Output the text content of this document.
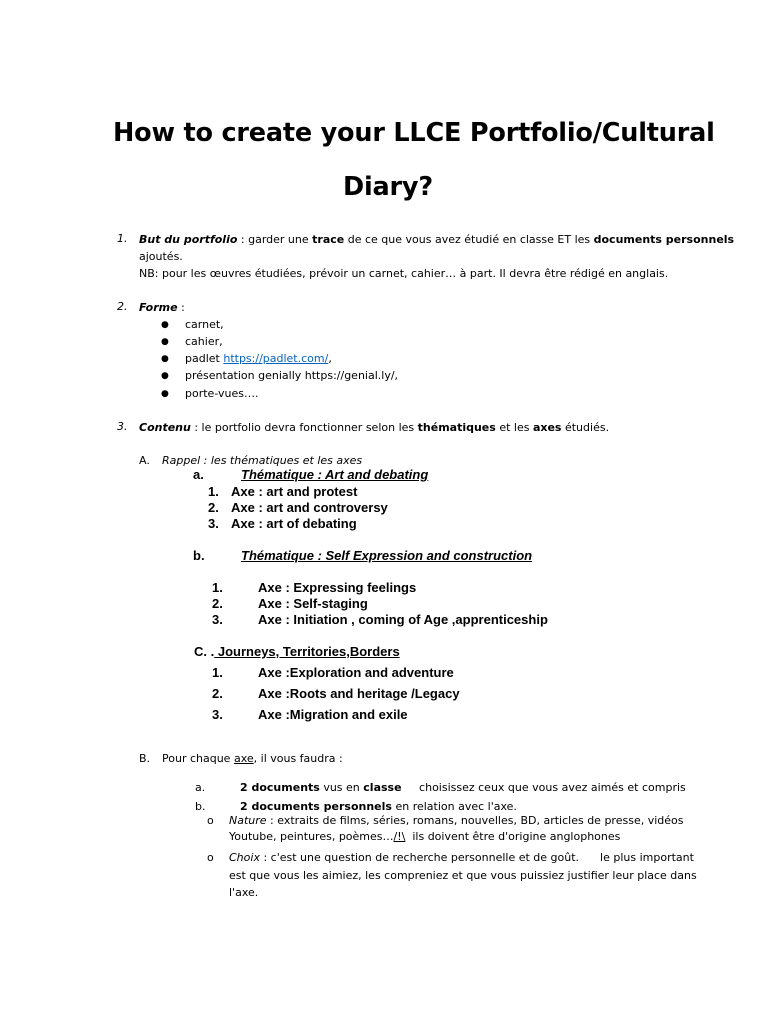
How to create your LLCE Portfolio/Cultural
Diary?
1. But du portfolio : garder une trace de ce que vous avez étudié en classe ET les documents personnels
ajoutés.
NB: pour les œuvres étudiées, prévoir un carnet, cahier… à part. Il devra être rédigé en anglais.
2. Forme :
● carnet,
● cahier,
● padlet https://padlet.com/,
● présentation genially https://genial.ly/,
● porte-vues….
3. Contenu : le portfolio devra fonctionner selon les thématiques et les axes étudiés.
A. Rappel : les thématiques et les axes
a.	Thématique : Art and debating
1. Axe : art and protest
2. Axe : art and controversy
3. Axe : art of debating
b.	Thématique : Self Expression and construction
1.	Axe : Expressing feelings
2.	Axe : Self-staging
3.	Axe : Initiation , coming of Age ,apprenticeship
C. . Journeys, Territories,Borders
1.	Axe :Exploration and adventure
2.	Axe :Roots and heritage /Legacy
3.	Axe :Migration and exile
B. Pour chaque axe, il vous faudra :
a.	2 documents vus en classe     choisissez ceux que vous avez aimés et compris
b.	2 documents personnels en relation avec l'axe.
o Nature : extraits de films, séries, romans, nouvelles, BD, articles de presse, vidéos
Youtube, peintures, poèmes…/!\  ils doivent être d'origine anglophones
o Choix : c'est une question de recherche personnelle et de goût.      le plus important
est que vous les aimiez, les compreniez et que vous puissiez justifier leur place dans
l'axe.
